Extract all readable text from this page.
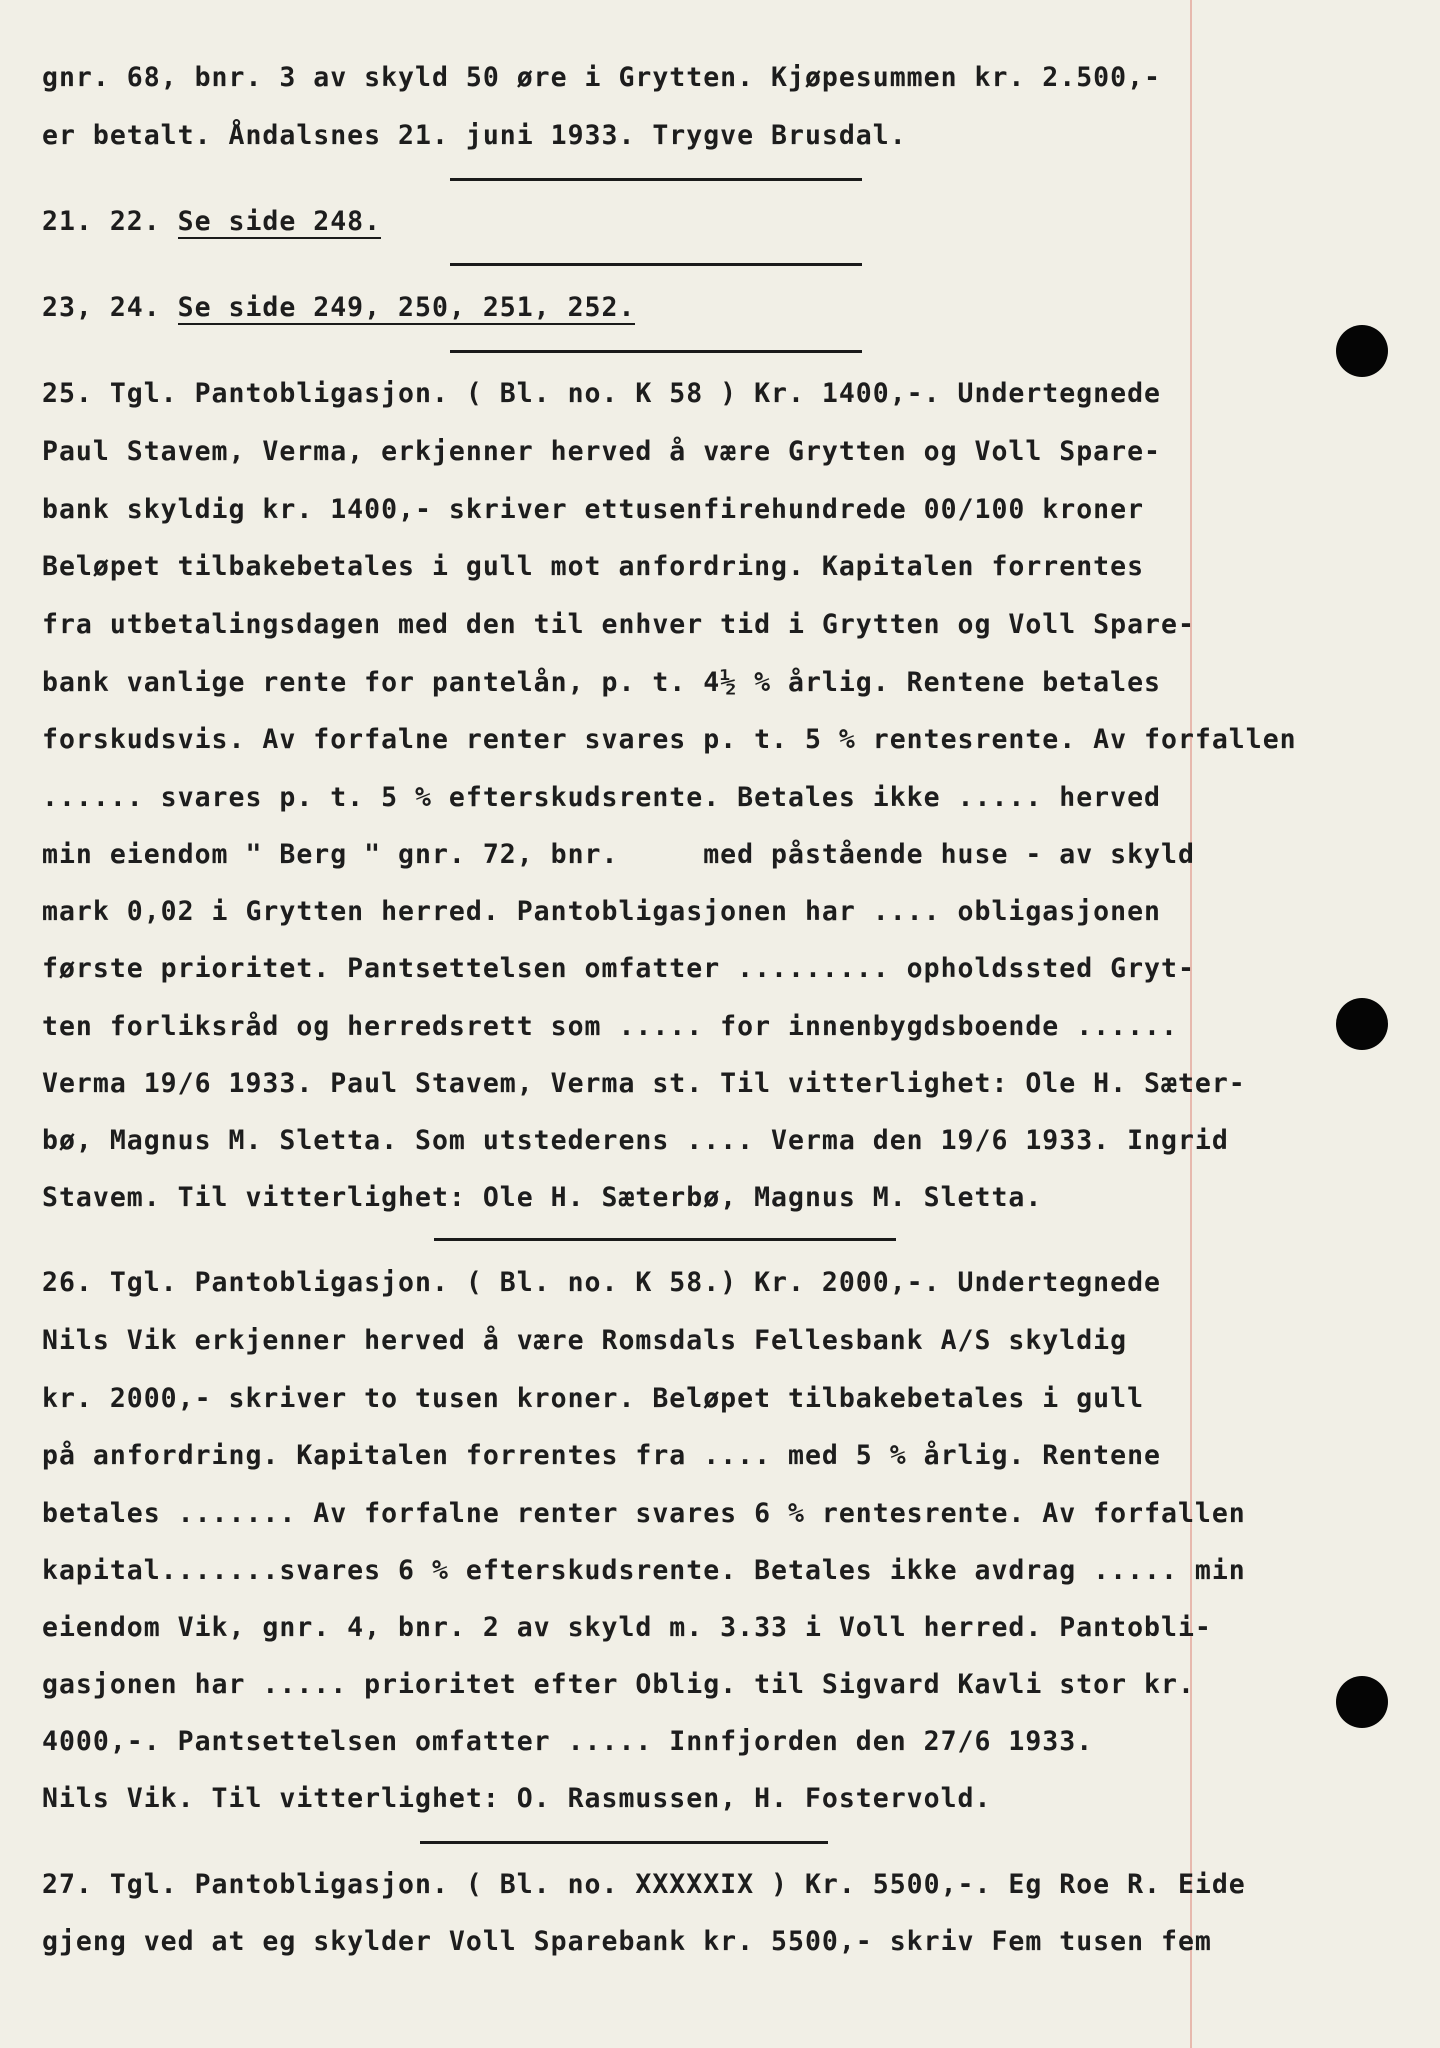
gnr. 68, bnr. 3 av skyld 50 øre i Grytten. Kjøpesummen kr. 2.500,-
er betalt. Åndalsnes 21. juni 1933. Trygve Brusdal.
21. 22. Se side 248.
23, 24. Se side 249, 250, 251, 252.
25. Tgl. Pantobligasjon. ( Bl. no. K 58 ) Kr. 1400,-. Undertegnede
Paul Stavem, Verma, erkjenner herved å være Grytten og Voll Spare-
bank skyldig kr. 1400,- skriver ettusenfirehundrede 00/100 kroner
Beløpet tilbakebetales i gull mot anfordring. Kapitalen forrentes
fra utbetalingsdagen med den til enhver tid i Grytten og Voll Spare-
bank vanlige rente for pantelån, p. t. 4½ % årlig. Rentene betales
forskudsvis. Av forfalne renter svares p. t. 5 % rentesrente. Av forfallen
...... svares p. t. 5 % efterskudsrente. Betales ikke ..... herved
min eiendom " Berg " gnr. 72, bnr.     med påstående huse - av skyld
mark 0,02 i Grytten herred. Pantobligasjonen har .... obligasjonen
første prioritet. Pantsettelsen omfatter ......... opholdssted Gryt-
ten forliksråd og herredsrett som ..... for innenbygdsboende ......
Verma 19/6 1933. Paul Stavem, Verma st. Til vitterlighet: Ole H. Sæter-
bø, Magnus M. Sletta. Som utstederens .... Verma den 19/6 1933. Ingrid
Stavem. Til vitterlighet: Ole H. Sæterbø, Magnus M. Sletta.
26. Tgl. Pantobligasjon. ( Bl. no. K 58.) Kr. 2000,-. Undertegnede
Nils Vik erkjenner herved å være Romsdals Fellesbank A/S skyldig
kr. 2000,- skriver to tusen kroner. Beløpet tilbakebetales i gull
på anfordring. Kapitalen forrentes fra .... med 5 % årlig. Rentene
betales ....... Av forfalne renter svares 6 % rentesrente. Av forfallen
kapital.......svares 6 % efterskudsrente. Betales ikke avdrag ..... min
eiendom Vik, gnr. 4, bnr. 2 av skyld m. 3.33 i Voll herred. Pantobli-
gasjonen har ..... prioritet efter Oblig. til Sigvard Kavli stor kr.
4000,-. Pantsettelsen omfatter ..... Innfjorden den 27/6 1933.
Nils Vik. Til vitterlighet: O. Rasmussen, H. Fostervold.
27. Tgl. Pantobligasjon. ( Bl. no. XXXXXIX ) Kr. 5500,-. Eg Roe R. Eide
gjeng ved at eg skylder Voll Sparebank kr. 5500,- skriv Fem tusen fem
